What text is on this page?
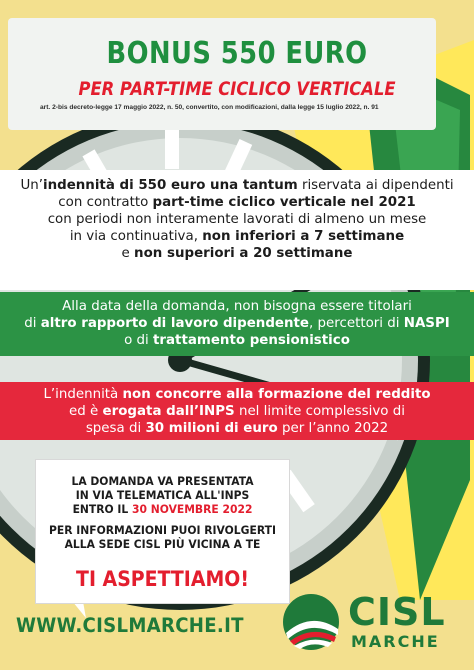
BONUS 550 EURO
PER PART-TIME CICLICO VERTICALE
art. 2-bis decreto-legge 17 maggio 2022, n. 50, convertito, con modificazioni, dalla legge 15 luglio 2022, n. 91
Un’indennità di 550 euro una tantum riservata ai dipendenti
con contratto part-time ciclico verticale nel 2021
con periodi non interamente lavorati di almeno un mese
in via continuativa, non inferiori a 7 settimane
e non superiori a 20 settimane
Alla data della domanda, non bisogna essere titolari
di altro rapporto di lavoro dipendente, percettori di NASPI
o di trattamento pensionistico
L’indennità non concorre alla formazione del reddito
ed è erogata dall’INPS nel limite complessivo di
spesa di 30 milioni di euro per l’anno 2022
LA DOMANDA VA PRESENTATA
IN VIA TELEMATICA ALL'INPS
ENTRO IL 30 NOVEMBRE 2022
PER INFORMAZIONI PUOI RIVOLGERTI
ALLA SEDE CISL PIÙ VICINA A TE
TI ASPETTIAMO!
WWW.CISLMARCHE.IT	CISL
MARCHE
